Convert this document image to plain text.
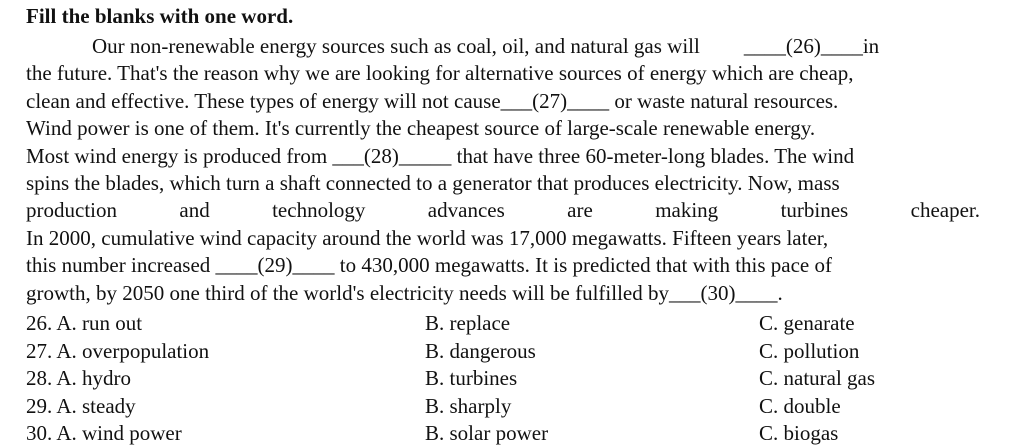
Fill the blanks with one word.
Our non-renewable energy sources such as coal, oil, and natural gas will ____(26)____in
the future. That's the reason why we are looking for alternative sources of energy which are cheap,
clean and effective. These types of energy will not cause___(27)____ or waste natural resources.
Wind power is one of them. It's currently the cheapest source of large-scale renewable energy.
Most wind energy is produced from ___(28)_____ that have three 60-meter-long blades. The wind
spins the blades, which turn a shaft connected to a generator that produces electricity. Now, mass
production	and	technology	advances	are	making	turbines	cheaper.
In 2000, cumulative wind capacity around the world was 17,000 megawatts. Fifteen years later,
this number increased ____(29)____ to 430,000 megawatts. It is predicted that with this pace of
growth, by 2050 one third of the world's electricity needs will be fulfilled by___(30)____.
26. A. run out	B. replace	C. genarate
27. A. overpopulation	B. dangerous	C. pollution
28. A. hydro	B. turbines	C. natural gas
29. A. steady	B. sharply	C. double
30. A. wind power	B. solar power	C. biogas
